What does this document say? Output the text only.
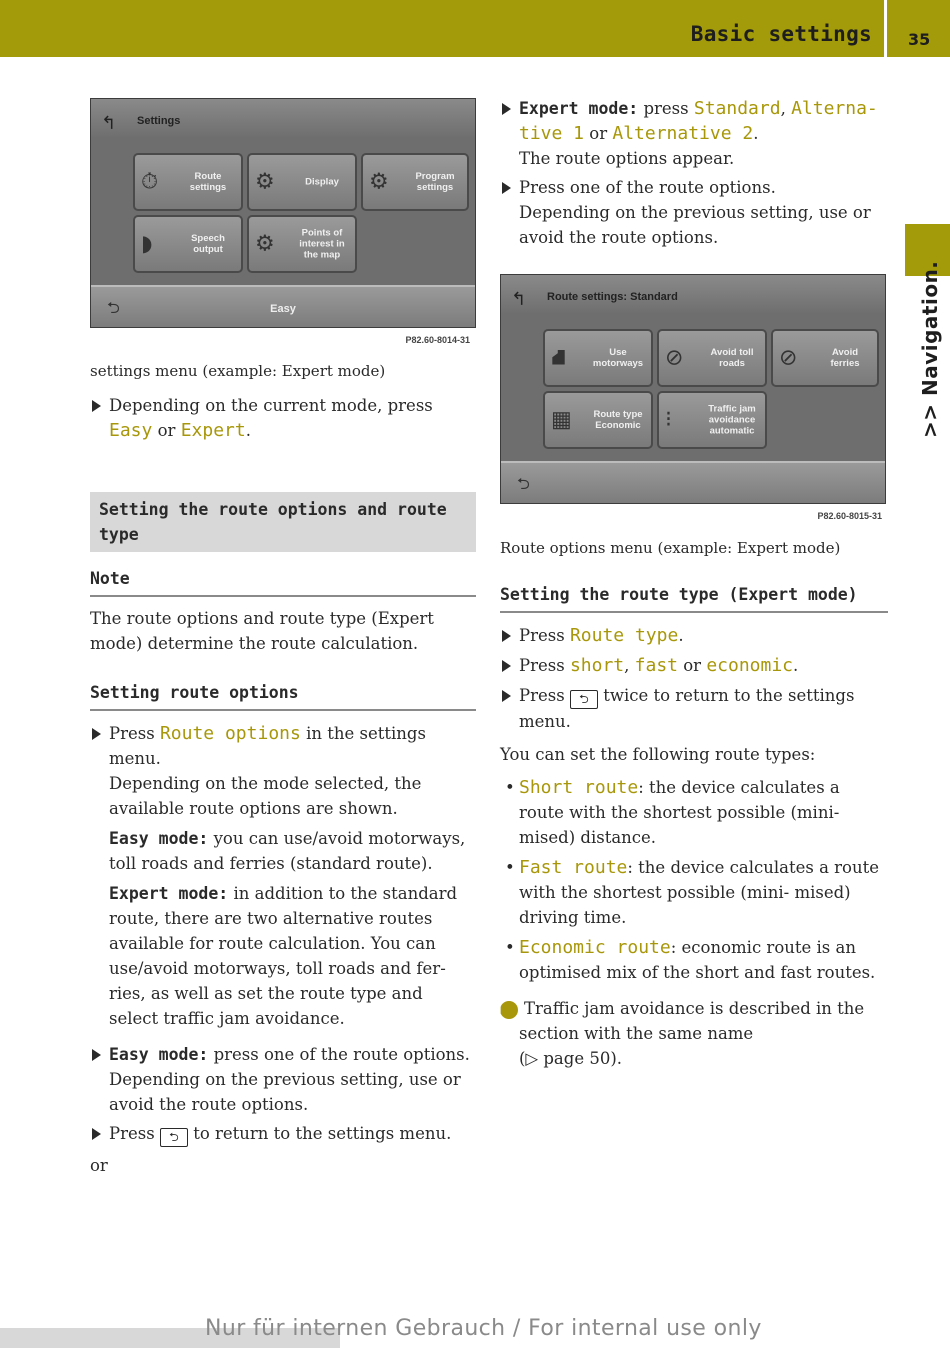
Basic settings 35
>> Navigation.
↰ Settings
⏱	Route settings	⚙	Display	⚙	Program settings
◗	Speech output	⚙	Points of interest in the map
⮌	Easy
P82.60-8014-31

settings menu (example: Expert mode)

Depending on the current mode, press Easy or Expert.

Setting the route options and route type

Note

The route options and route type (Expert mode) determine the route calculation.

Setting route options

Press Route options in the settings menu.

Depending on the mode selected, the available route options are shown.

Easy mode: you can use/avoid motorways, toll roads and ferries (standard route).

Expert mode: in addition to the standard route, there are two alternative routes available for route calculation. You can use/avoid motorways, toll roads and fer- ries, as well as set the route type and select traffic jam avoidance.

Easy mode: press one of the route options.

Depending on the previous setting, use or avoid the route options.

Press ⮌ to return to the settings menu.

or

Expert mode: press Standard, Alterna- tive 1 or Alternative 2.

The route options appear.

Press one of the route options.

Depending on the previous setting, use or avoid the route options.

↰ Route settings: Standard
⛘	Use motorways ⊘	Avoid toll roads	⊘	Avoid ferries
▦	Route type Economic ⁝	Traffic jam avoidance automatic
⮌
P82.60-8015-31

Route options menu (example: Expert mode)

Setting the route type (Expert mode)

Press Route type.

Press short, fast or economic.

Press ⮌ twice to return to the settings menu.

You can set the following route types:

• Short route: the device calculates a route with the shortest possible (mini- mised) distance.

• Fast route: the device calculates a route with the shortest possible (mini- mised) driving time.

• Economic route: economic route is an optimised mix of the short and fast routes.

i Traffic jam avoidance is described in the section with the same name
(▷ page 50).
Nur für internen Gebrauch / For internal use only
